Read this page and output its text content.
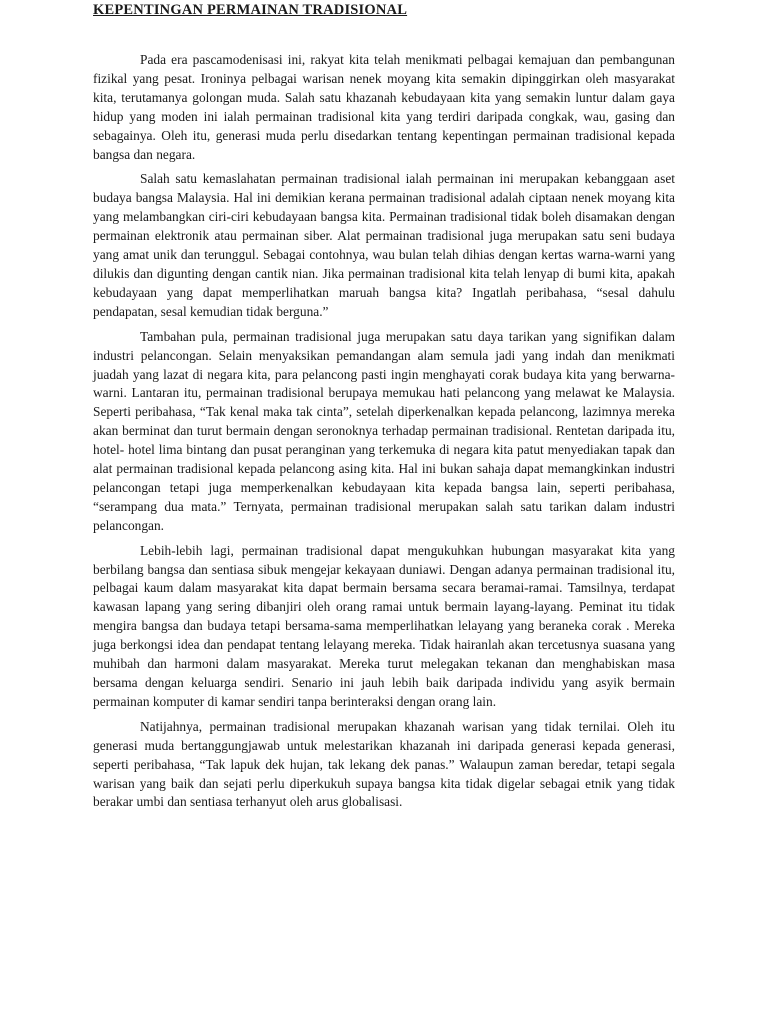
KEPENTINGAN PERMAINAN TRADISIONAL

Pada era pascamodenisasi ini, rakyat kita telah menikmati pelbagai kemajuan dan pembangunan fizikal yang pesat. Ironinya pelbagai warisan nenek moyang kita semakin dipinggirkan oleh masyarakat kita, terutamanya golongan muda. Salah satu khazanah kebudayaan kita yang semakin luntur dalam gaya hidup yang moden ini ialah permainan tradisional kita yang terdiri daripada congkak, wau, gasing dan sebagainya. Oleh itu, generasi muda perlu disedarkan tentang kepentingan permainan tradisional kepada bangsa dan negara.

Salah satu kemaslahatan permainan tradisional ialah permainan ini merupakan kebanggaan aset budaya bangsa Malaysia. Hal ini demikian kerana permainan tradisional adalah ciptaan nenek moyang kita yang melambangkan ciri-ciri kebudayaan bangsa kita. Permainan tradisional tidak boleh disamakan dengan permainan elektronik atau permainan siber. Alat permainan tradisional juga merupakan satu seni budaya yang amat unik dan terunggul. Sebagai contohnya, wau bulan telah dihias dengan kertas warna-warni yang dilukis dan digunting dengan cantik nian. Jika permainan tradisional kita telah lenyap di bumi kita, apakah kebudayaan yang dapat memperlihatkan maruah bangsa kita? Ingatlah peribahasa, “sesal dahulu pendapatan, sesal kemudian tidak berguna.”

Tambahan pula, permainan tradisional juga merupakan satu daya tarikan yang signifikan dalam industri pelancongan. Selain menyaksikan pemandangan alam semula jadi yang indah dan menikmati juadah yang lazat di negara kita, para pelancong pasti ingin menghayati corak budaya kita yang berwarna-warni. Lantaran itu, permainan tradisional berupaya memukau hati pelancong yang melawat ke Malaysia. Seperti peribahasa, “Tak kenal maka tak cinta”, setelah diperkenalkan kepada pelancong, lazimnya mereka akan berminat dan turut bermain dengan seronoknya terhadap permainan tradisional. Rentetan daripada itu, hotel- hotel lima bintang dan pusat peranginan yang terkemuka di negara kita patut menyediakan tapak dan alat permainan tradisional kepada pelancong asing kita. Hal ini bukan sahaja dapat memangkinkan industri pelancongan tetapi juga memperkenalkan kebudayaan kita kepada bangsa lain, seperti peribahasa, “serampang dua mata.” Ternyata, permainan tradisional merupakan salah satu tarikan dalam industri pelancongan.

Lebih-lebih lagi, permainan tradisional dapat mengukuhkan hubungan masyarakat kita yang berbilang bangsa dan sentiasa sibuk mengejar kekayaan duniawi. Dengan adanya permainan tradisional itu, pelbagai kaum dalam masyarakat kita dapat bermain bersama secara beramai-ramai. Tamsilnya, terdapat kawasan lapang yang sering dibanjiri oleh orang ramai untuk bermain layang-layang. Peminat itu tidak mengira bangsa dan budaya tetapi bersama-sama memperlihatkan lelayang yang beraneka corak . Mereka juga berkongsi idea dan pendapat tentang lelayang mereka. Tidak hairanlah akan tercetusnya suasana yang muhibah dan harmoni dalam masyarakat. Mereka turut melegakan tekanan dan menghabiskan masa bersama dengan keluarga sendiri. Senario ini jauh lebih baik daripada individu yang asyik bermain permainan komputer di kamar sendiri tanpa berinteraksi dengan orang lain.

Natijahnya, permainan tradisional merupakan khazanah warisan yang tidak ternilai. Oleh itu generasi muda bertanggungjawab untuk melestarikan khazanah ini daripada generasi kepada generasi, seperti peribahasa, “Tak lapuk dek hujan, tak lekang dek panas.” Walaupun zaman beredar, tetapi segala warisan yang baik dan sejati perlu diperkukuh supaya bangsa kita tidak digelar sebagai etnik yang tidak berakar umbi dan sentiasa terhanyut oleh arus globalisasi.
